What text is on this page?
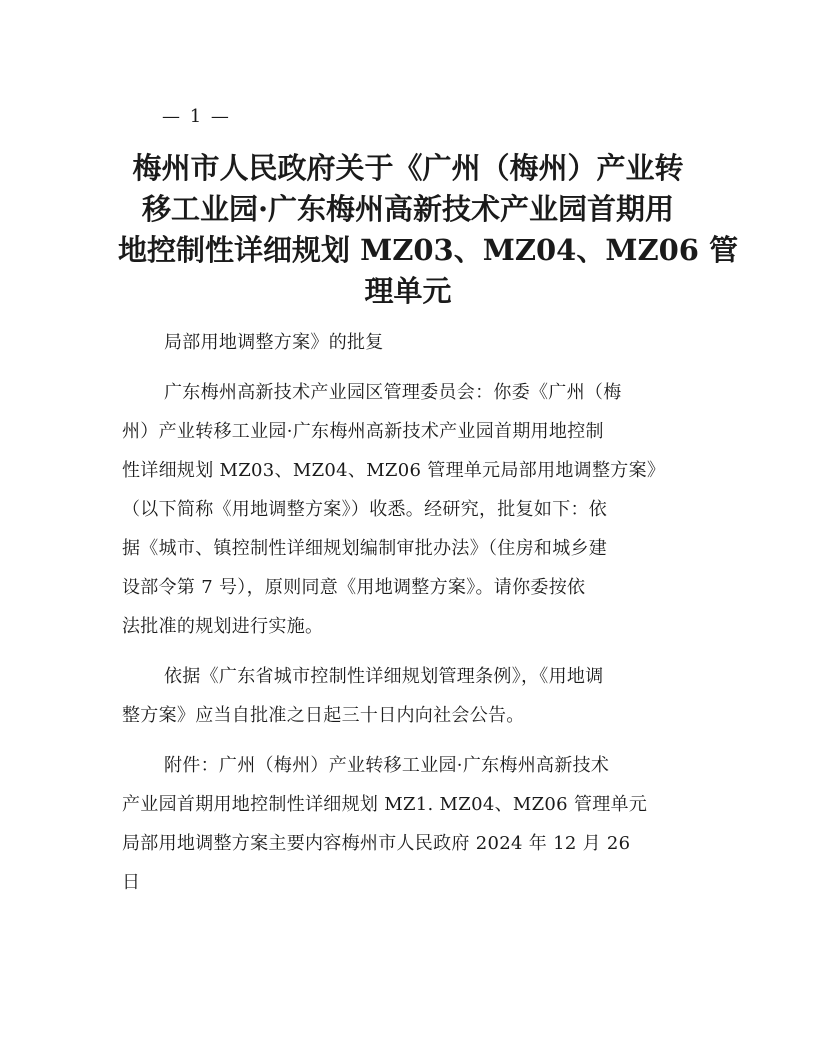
— 1 —
梅州市人民政府关于《广州（梅州）产业转
移工业园·广东梅州高新技术产业园首期用
地控制性详细规划 MZ03、MZ04、MZ06 管
理单元
局部用地调整方案》的批复
广东梅州高新技术产业园区管理委员会：你委《广州（梅
州）产业转移工业园·广东梅州高新技术产业园首期用地控制
性详细规划 MZ03、MZ04、MZ06 管理单元局部用地调整方案》
（以下简称《用地调整方案》）收悉。经研究，批复如下：依
据《城市、镇控制性详细规划编制审批办法》（住房和城乡建
设部令第 7 号），原则同意《用地调整方案》。请你委按依
法批准的规划进行实施。
依据《广东省城市控制性详细规划管理条例》，《用地调
整方案》应当自批准之日起三十日内向社会公告。
附件：广州（梅州）产业转移工业园·广东梅州高新技术
产业园首期用地控制性详细规划 MZ1. MZ04、MZ06 管理单元
局部用地调整方案主要内容梅州市人民政府 2024 年 12 月 26
日
